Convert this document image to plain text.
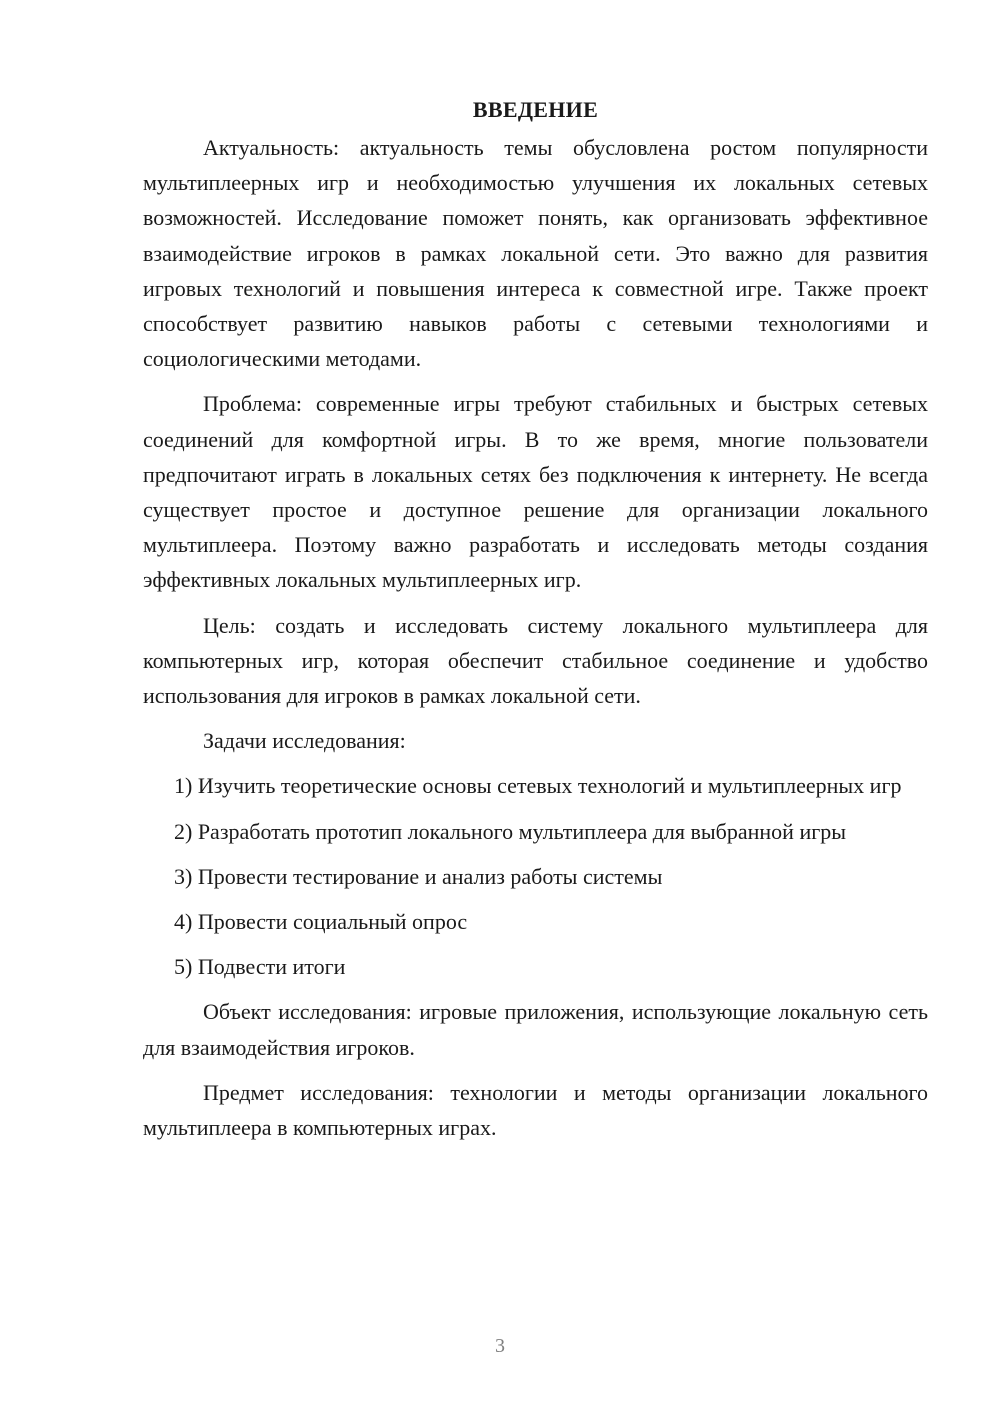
ВВЕДЕНИЕ

Актуальность: актуальность темы обусловлена ростом популярности мультиплеерных игр и необходимостью улучшения их локальных сетевых возможностей. Исследование поможет понять, как организовать эффективное взаимодействие игроков в рамках локальной сети. Это важно для развития игровых технологий и повышения интереса к совместной игре. Также проект способствует развитию навыков работы с сетевыми технологиями и социологическими методами.

Проблема: современные игры требуют стабильных и быстрых сетевых соединений для комфортной игры. В то же время, многие пользователи предпочитают играть в локальных сетях без подключения к интернету. Не всегда существует простое и доступное решение для организации локального мультиплеера. Поэтому важно разработать и исследовать методы создания эффективных локальных мультиплеерных игр.

Цель: создать и исследовать систему локального мультиплеера для компьютерных игр, которая обеспечит стабильное соединение и удобство использования для игроков в рамках локальной сети.

Задачи исследования:

1) Изучить теоретические основы сетевых технологий и мультиплеерных игр

2) Разработать прототип локального мультиплеера для выбранной игры

3) Провести тестирование и анализ работы системы

4) Провести социальный опрос

5) Подвести итоги

Объект исследования: игровые приложения, использующие локальную сеть для взаимодействия игроков.

Предмет исследования: технологии и методы организации локального мультиплеера в компьютерных играх.

3
